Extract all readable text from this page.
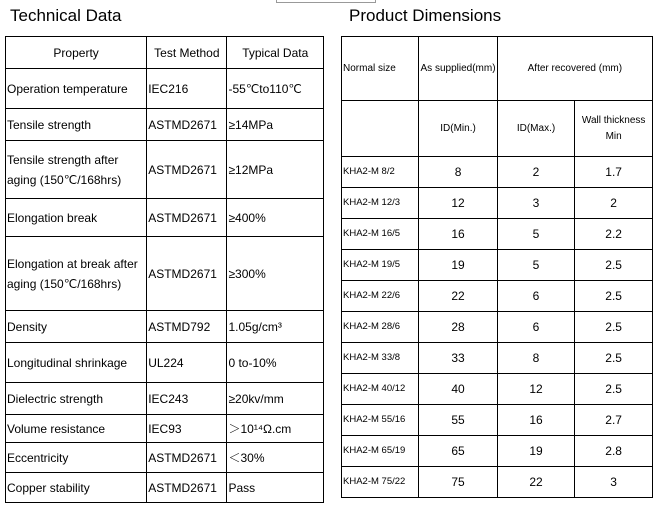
Technical Data	Product Dimensions
Property	Test Method	Typical Data
Operation temperature	IEC216	-55℃to110℃
Tensile strength	ASTMD2671	≥14MPa
Tensile strength after aging (150℃/168hrs)	ASTMD2671	≥12MPa
Elongation break	ASTMD2671	≥400%
Elongation at break after aging (150℃/168hrs)	ASTMD2671	≥300%
Density	ASTMD792	1.05g/cm³
Longitudinal shrinkage	UL224	0 to-10%
Dielectric strength	IEC243	≥20kv/mm
Volume resistance	IEC93	＞10¹⁴Ω.cm
Eccentricity	ASTMD2671	＜30%
Copper stability	ASTMD2671	Pass
Normal size	As supplied(mm)	After recovered (mm)	
	ID(Min.)	ID(Max.)	Wall thickness Min
KHA2-M 8/2	8	2	1.7
KHA2-M 12/3	12	3	2
KHA2-M 16/5	16	5	2.2
KHA2-M 19/5	19	5	2.5
KHA2-M 22/6	22	6	2.5
KHA2-M 28/6	28	6	2.5
KHA2-M 33/8	33	8	2.5
KHA2-M 40/12	40	12	2.5
KHA2-M 55/16	55	16	2.7
KHA2-M 65/19	65	19	2.8
KHA2-M 75/22	75	22	3
